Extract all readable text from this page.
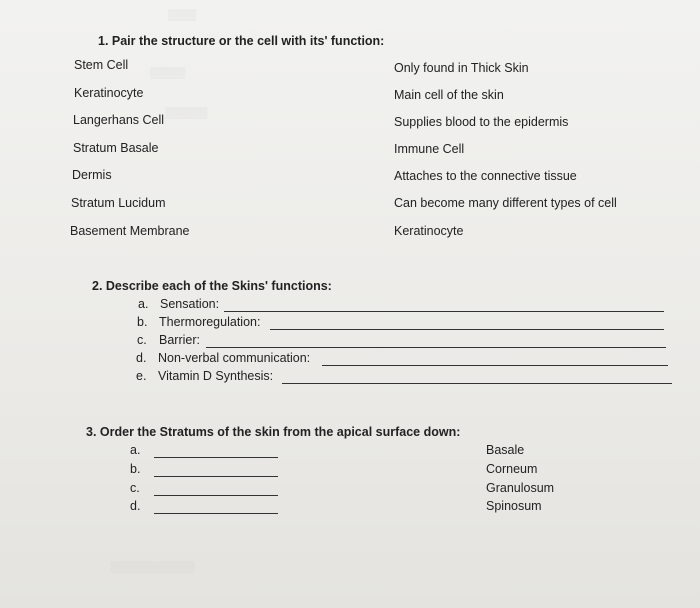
▒▒▒▒
▒▒▒▒▒
▒▒▒▒▒▒
▒▒▒▒▒▒▒▒▒▒▒▒
1. Pair the structure or the cell with its' function:
Stem Cell
Keratinocyte
Langerhans Cell
Stratum Basale
Dermis
Stratum Lucidum
Basement Membrane
Only found in Thick Skin
Main cell of the skin
Supplies blood to the epidermis
Immune Cell
Attaches to the connective tissue
Can become many different types of cell
Keratinocyte
2. Describe each of the Skins' functions:
a. Sensation:
b. Thermoregulation:
c. Barrier:
d. Non-verbal communication:
e. Vitamin D Synthesis:
3. Order the Stratums of the skin from the apical surface down:
a.
b.
c.
d.
Basale
Corneum
Granulosum
Spinosum
